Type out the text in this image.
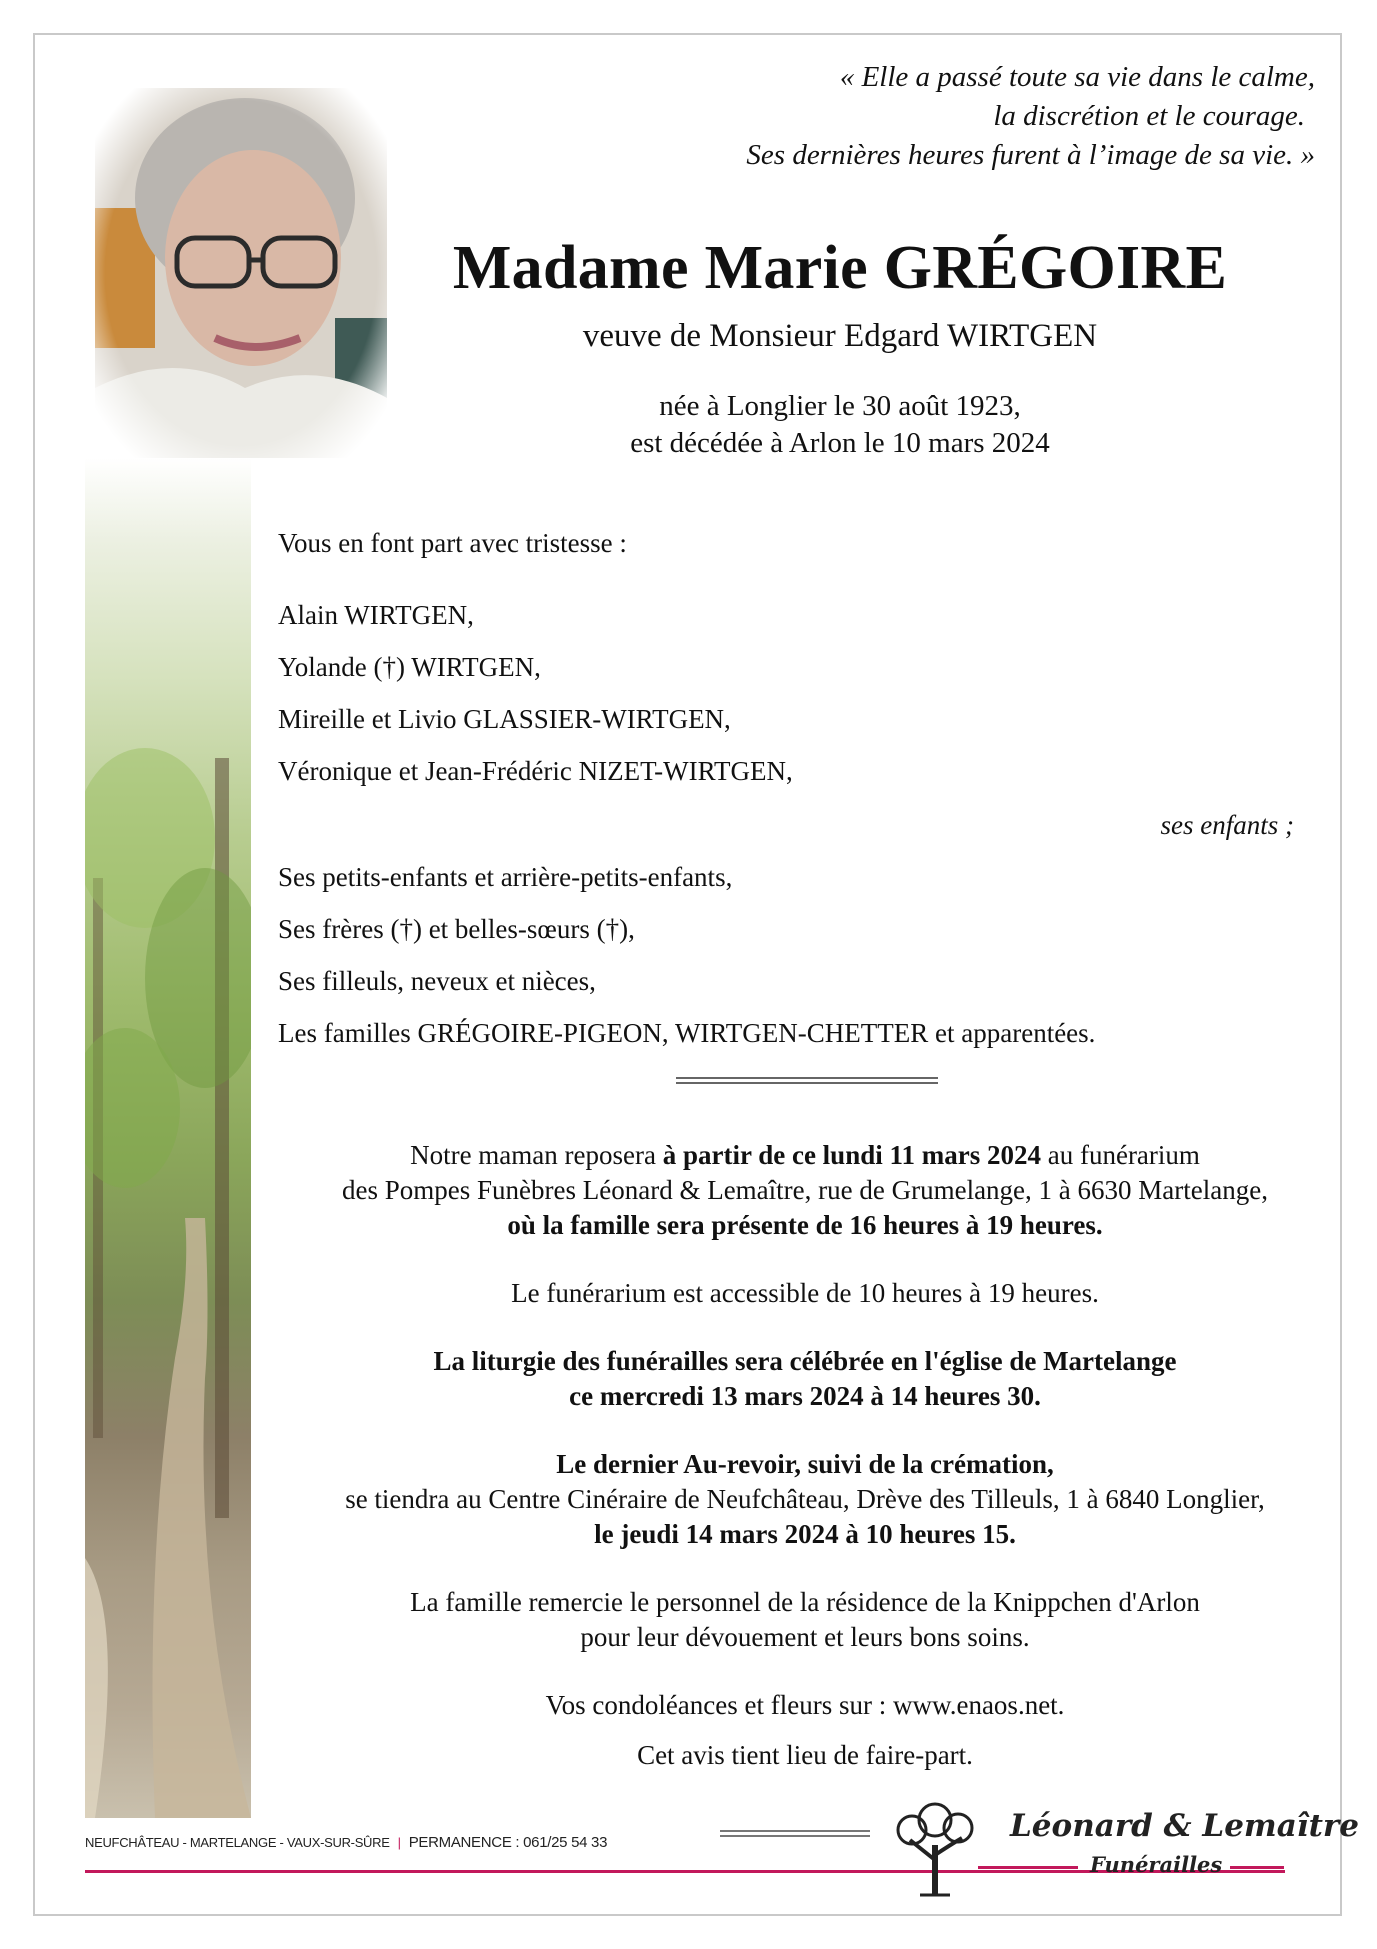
« Elle a passé toute sa vie dans le calme,
la discrétion et le courage.
Ses dernières heures furent à l’image de sa vie. »
Madame Marie GRÉGOIRE
veuve de Monsieur Edgard WIRTGEN
née à Longlier le 30 août 1923,
est décédée à Arlon le 10 mars 2024
Vous en font part avec tristesse :
Alain WIRTGEN,
Yolande (†) WIRTGEN,
Mireille et Livio GLASSIER-WIRTGEN,
Véronique et Jean-Frédéric NIZET-WIRTGEN,
ses enfants ;
Ses petits-enfants et arrière-petits-enfants,
Ses frères (†) et belles-sœurs (†),
Ses filleuls, neveux et nièces,
Les familles GRÉGOIRE-PIGEON, WIRTGEN-CHETTER et apparentées.
Notre maman reposera à partir de ce lundi 11 mars 2024 au funérarium
des Pompes Funèbres Léonard & Lemaître, rue de Grumelange, 1 à 6630 Martelange,
où la famille sera présente de 16 heures à 19 heures.
Le funérarium est accessible de 10 heures à 19 heures.
La liturgie des funérailles sera célébrée en l'église de Martelange
ce mercredi 13 mars 2024 à 14 heures 30.
Le dernier Au-revoir, suivi de la crémation,
se tiendra au Centre Cinéraire de Neufchâteau, Drève des Tilleuls, 1 à 6840 Longlier,
le jeudi 14 mars 2024 à 10 heures 15.
La famille remercie le personnel de la résidence de la Knippchen d'Arlon
pour leur dévouement et leurs bons soins.
Vos condoléances et fleurs sur : www.enaos.net.
Cet avis tient lieu de faire-part.
NEUFCHÂTEAU - MARTELANGE - VAUX-SUR-SÛRE | PERMANENCE : 061/25 54 33	Léonard & Lemaître
Funérailles
